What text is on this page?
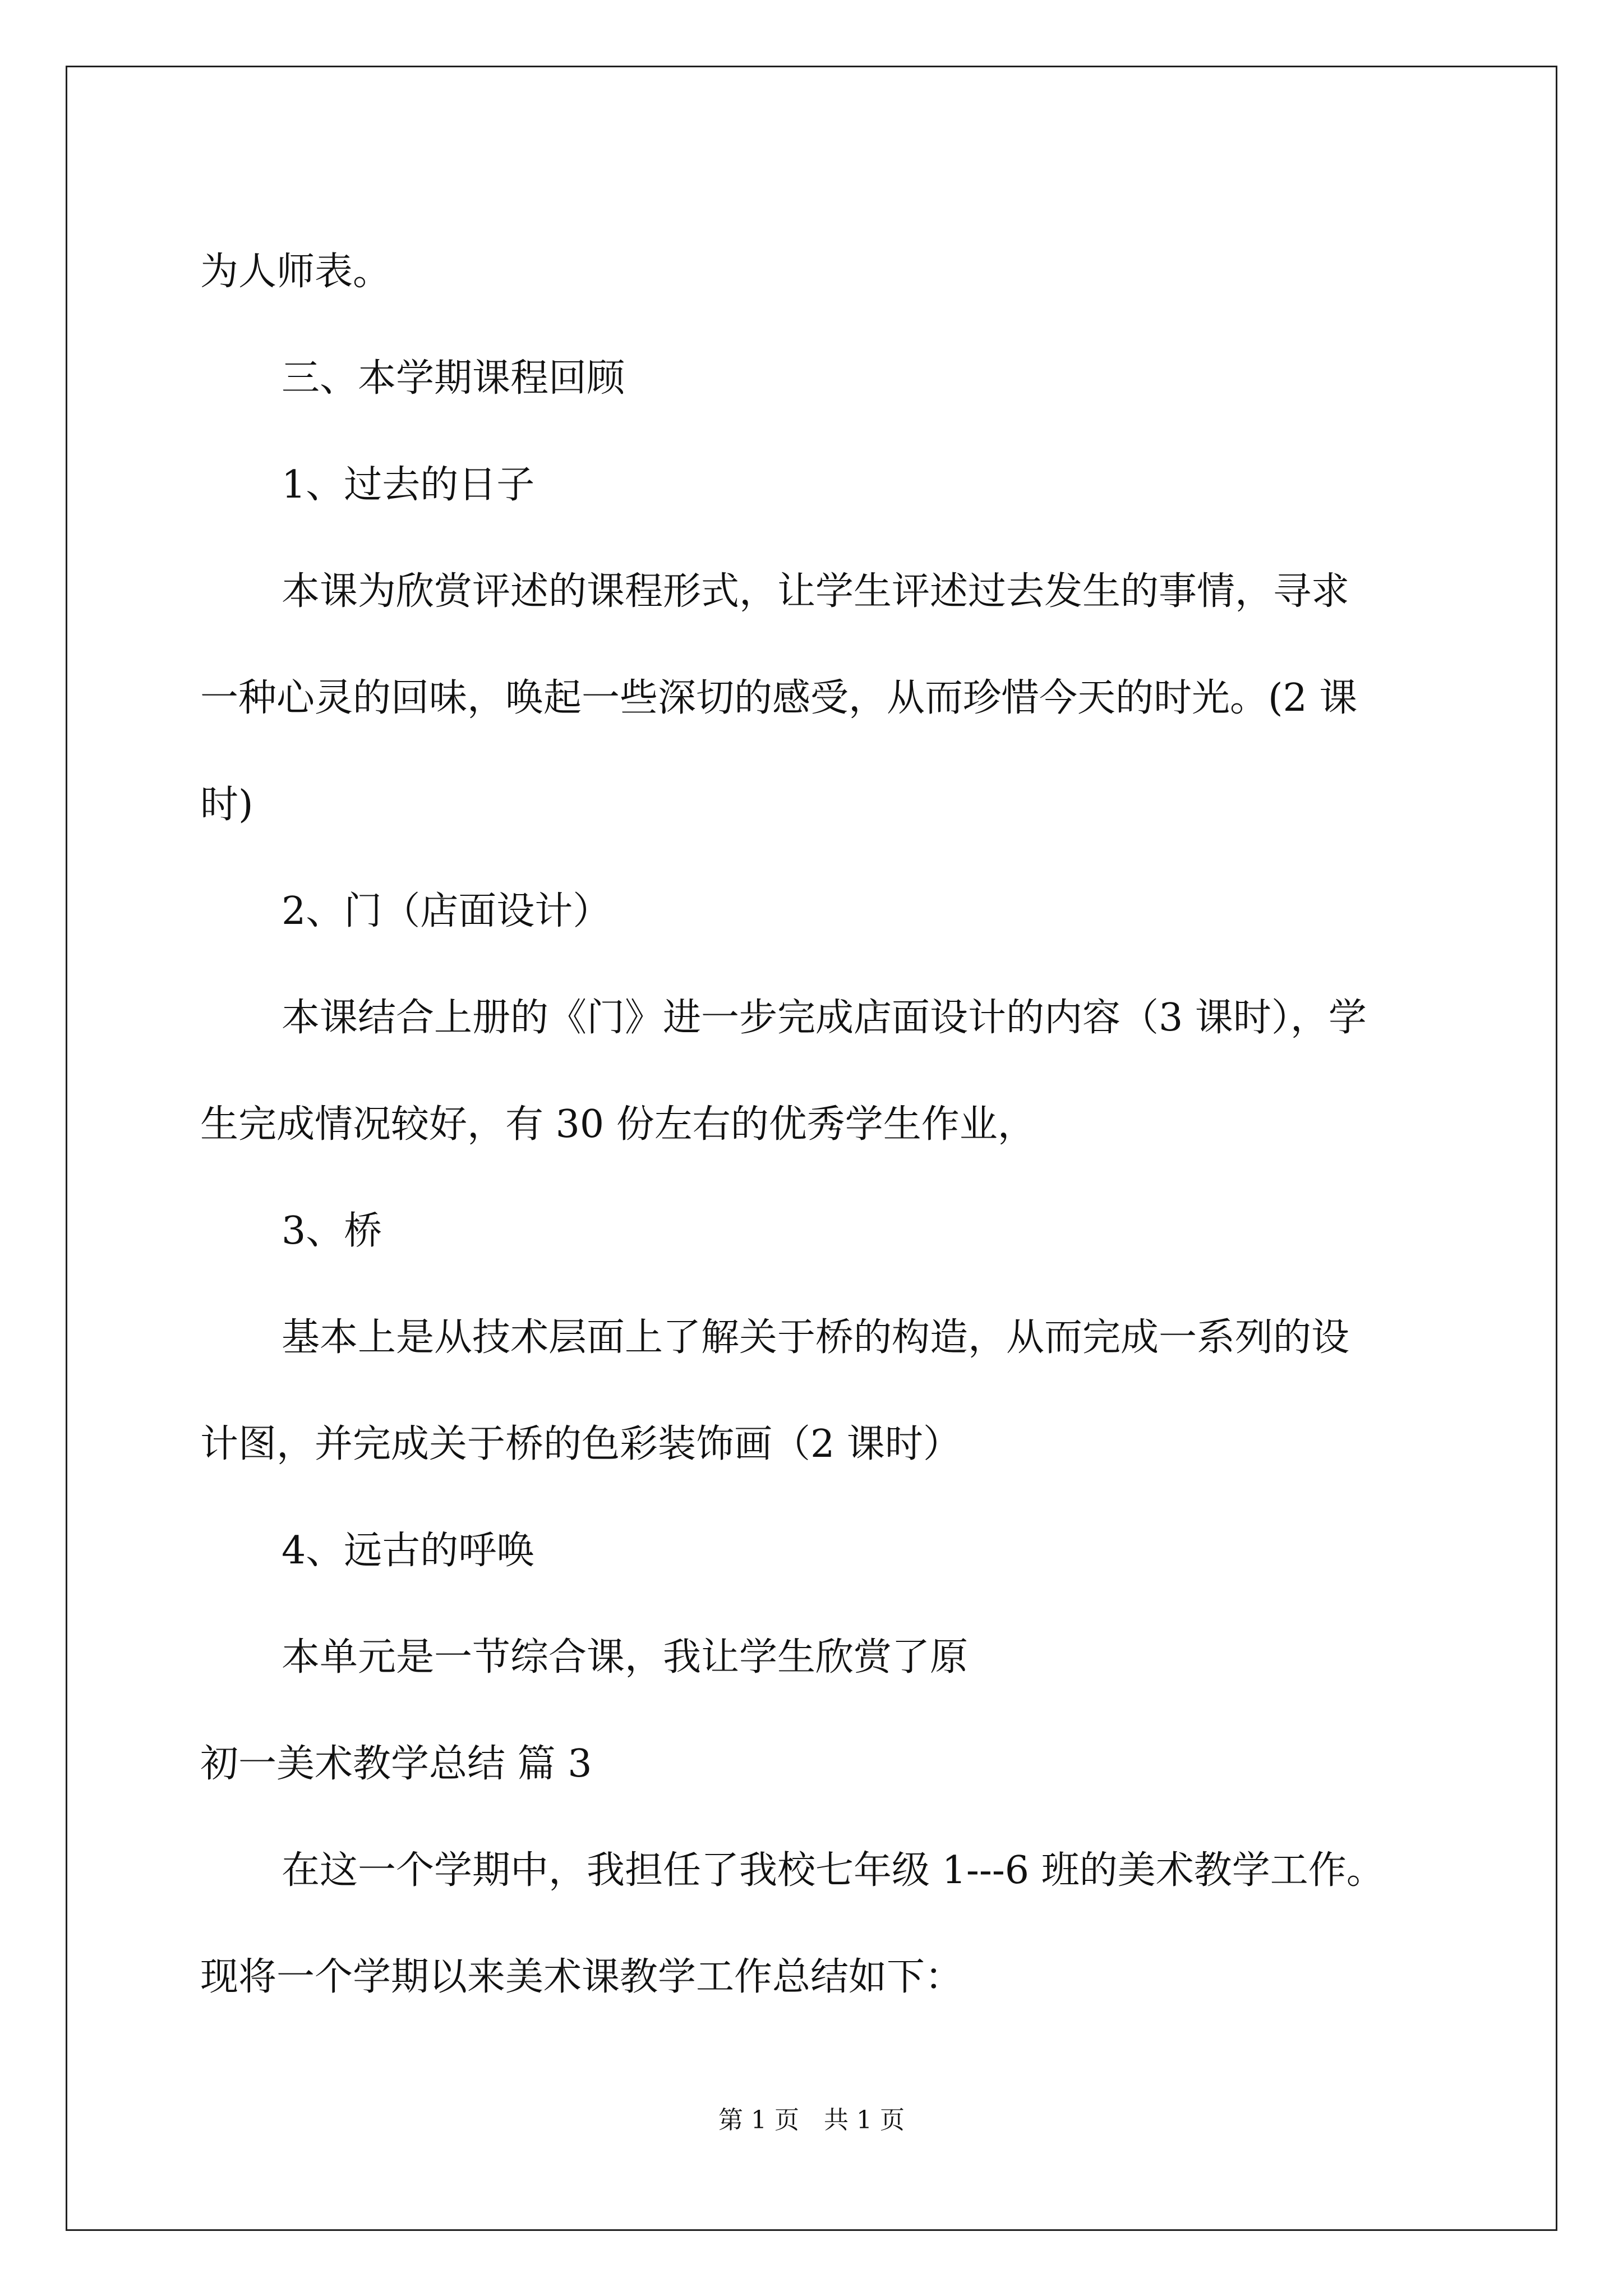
为人师表。
三、本学期课程回顾
1、过去的日子
本课为欣赏评述的课程形式，让学生评述过去发生的事情，寻求
一种心灵的回味，唤起一些深切的感受，从而珍惜今天的时光。(2 课
时)
2、门（店面设计）
本课结合上册的《门》进一步完成店面设计的内容（3 课时），学
生完成情况较好，有 30 份左右的优秀学生作业，
3、桥
基本上是从技术层面上了解关于桥的构造，从而完成一系列的设
计图，并完成关于桥的色彩装饰画（2 课时）
4、远古的呼唤
本单元是一节综合课，我让学生欣赏了原
初一美术教学总结 篇 3
在这一个学期中，我担任了我校七年级 1---6 班的美术教学工作。
现将一个学期以来美术课教学工作总结如下：
第 1 页　共 1 页
